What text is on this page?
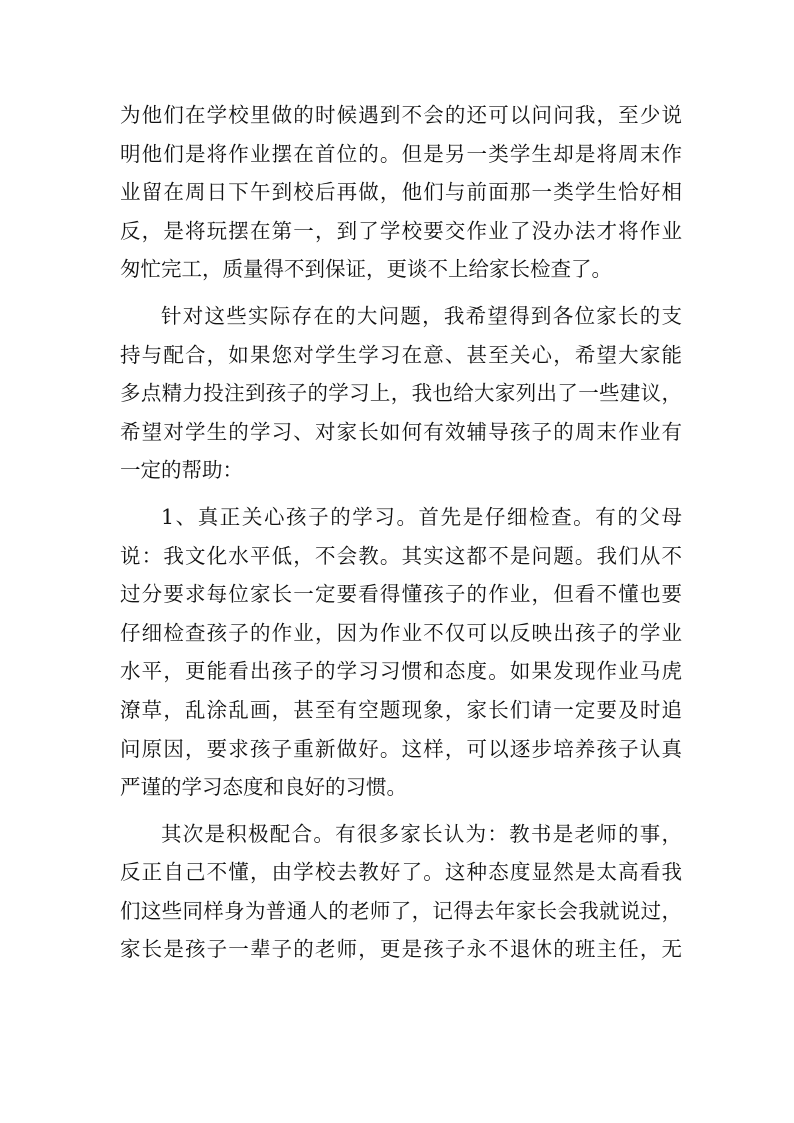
为他们在学校里做的时候遇到不会的还可以问问我，至少说
明他们是将作业摆在首位的。但是另一类学生却是将周末作
业留在周日下午到校后再做，他们与前面那一类学生恰好相
反，是将玩摆在第一，到了学校要交作业了没办法才将作业
匆忙完工，质量得不到保证，更谈不上给家长检查了。
针对这些实际存在的大问题，我希望得到各位家长的支
持与配合，如果您对学生学习在意、甚至关心，希望大家能
多点精力投注到孩子的学习上，我也给大家列出了一些建议，
希望对学生的学习、对家长如何有效辅导孩子的周末作业有
一定的帮助：
1、真正关心孩子的学习。首先是仔细检查。有的父母
说：我文化水平低，不会教。其实这都不是问题。我们从不
过分要求每位家长一定要看得懂孩子的作业，但看不懂也要
仔细检查孩子的作业，因为作业不仅可以反映出孩子的学业
水平，更能看出孩子的学习习惯和态度。如果发现作业马虎
潦草，乱涂乱画，甚至有空题现象，家长们请一定要及时追
问原因，要求孩子重新做好。这样，可以逐步培养孩子认真
严谨的学习态度和良好的习惯。
其次是积极配合。有很多家长认为：教书是老师的事，
反正自己不懂，由学校去教好了。这种态度显然是太高看我
们这些同样身为普通人的老师了，记得去年家长会我就说过，
家长是孩子一辈子的老师，更是孩子永不退休的班主任，无
